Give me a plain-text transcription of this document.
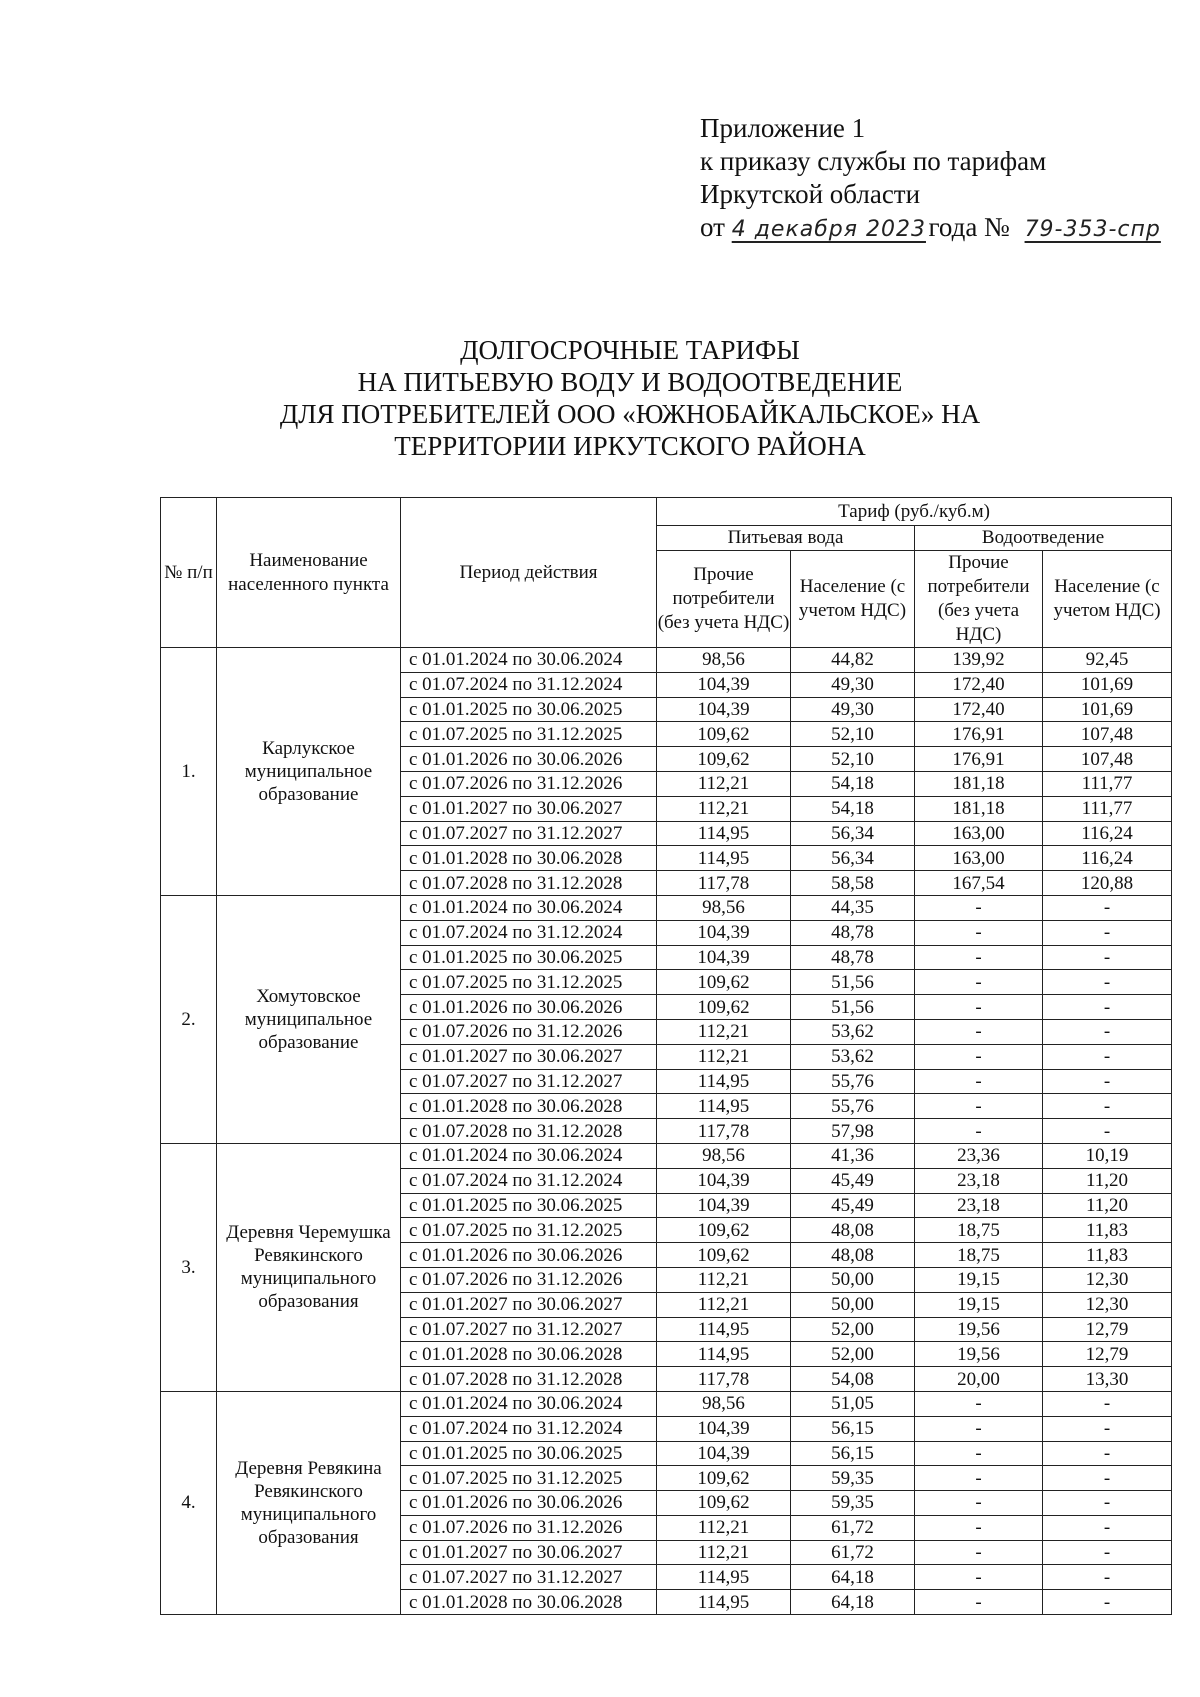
Приложение 1
к приказу службы по тарифам
Иркутской области
от 4 декабря 2023 года № 79-353-спр
ДОЛГОСРОЧНЫЕ ТАРИФЫ
НА ПИТЬЕВУЮ ВОДУ И ВОДООТВЕДЕНИЕ
ДЛЯ ПОТРЕБИТЕЛЕЙ ООО «ЮЖНОБАЙКАЛЬСКОЕ» НА
ТЕРРИТОРИИ ИРКУТСКОГО РАЙОНА
№ п/п	Наименование населенного пункта	Период действия	Тариф (руб./куб.м)			
			Питьевая вода		Водоотведение	
			Прочие потребители (без учета НДС)	Население (с учетом НДС)	Прочие потребители (без учета НДС)	Население (с учетом НДС)
1.	Карлукское муниципальное образование	с 01.01.2024 по 30.06.2024	98,56	44,82	139,92	92,45
		с 01.07.2024 по 31.12.2024	104,39	49,30	172,40	101,69
		с 01.01.2025 по 30.06.2025	104,39	49,30	172,40	101,69
		с 01.07.2025 по 31.12.2025	109,62	52,10	176,91	107,48
		с 01.01.2026 по 30.06.2026	109,62	52,10	176,91	107,48
		с 01.07.2026 по 31.12.2026	112,21	54,18	181,18	111,77
		с 01.01.2027 по 30.06.2027	112,21	54,18	181,18	111,77
		с 01.07.2027 по 31.12.2027	114,95	56,34	163,00	116,24
		с 01.01.2028 по 30.06.2028	114,95	56,34	163,00	116,24
		с 01.07.2028 по 31.12.2028	117,78	58,58	167,54	120,88
2.	Хомутовское муниципальное образование	с 01.01.2024 по 30.06.2024	98,56	44,35	-	-
		с 01.07.2024 по 31.12.2024	104,39	48,78	-	-
		с 01.01.2025 по 30.06.2025	104,39	48,78	-	-
		с 01.07.2025 по 31.12.2025	109,62	51,56	-	-
		с 01.01.2026 по 30.06.2026	109,62	51,56	-	-
		с 01.07.2026 по 31.12.2026	112,21	53,62	-	-
		с 01.01.2027 по 30.06.2027	112,21	53,62	-	-
		с 01.07.2027 по 31.12.2027	114,95	55,76	-	-
		с 01.01.2028 по 30.06.2028	114,95	55,76	-	-
		с 01.07.2028 по 31.12.2028	117,78	57,98	-	-
3.	Деревня Черемушка Ревякинского муниципального образования	с 01.01.2024 по 30.06.2024	98,56	41,36	23,36	10,19
		с 01.07.2024 по 31.12.2024	104,39	45,49	23,18	11,20
		с 01.01.2025 по 30.06.2025	104,39	45,49	23,18	11,20
		с 01.07.2025 по 31.12.2025	109,62	48,08	18,75	11,83
		с 01.01.2026 по 30.06.2026	109,62	48,08	18,75	11,83
		с 01.07.2026 по 31.12.2026	112,21	50,00	19,15	12,30
		с 01.01.2027 по 30.06.2027	112,21	50,00	19,15	12,30
		с 01.07.2027 по 31.12.2027	114,95	52,00	19,56	12,79
		с 01.01.2028 по 30.06.2028	114,95	52,00	19,56	12,79
		с 01.07.2028 по 31.12.2028	117,78	54,08	20,00	13,30
4.	Деревня Ревякина Ревякинского муниципального образования	с 01.01.2024 по 30.06.2024	98,56	51,05	-	-
		с 01.07.2024 по 31.12.2024	104,39	56,15	-	-
		с 01.01.2025 по 30.06.2025	104,39	56,15	-	-
		с 01.07.2025 по 31.12.2025	109,62	59,35	-	-
		с 01.01.2026 по 30.06.2026	109,62	59,35	-	-
		с 01.07.2026 по 31.12.2026	112,21	61,72	-	-
		с 01.01.2027 по 30.06.2027	112,21	61,72	-	-
		с 01.07.2027 по 31.12.2027	114,95	64,18	-	-
		с 01.01.2028 по 30.06.2028	114,95	64,18	-	-
